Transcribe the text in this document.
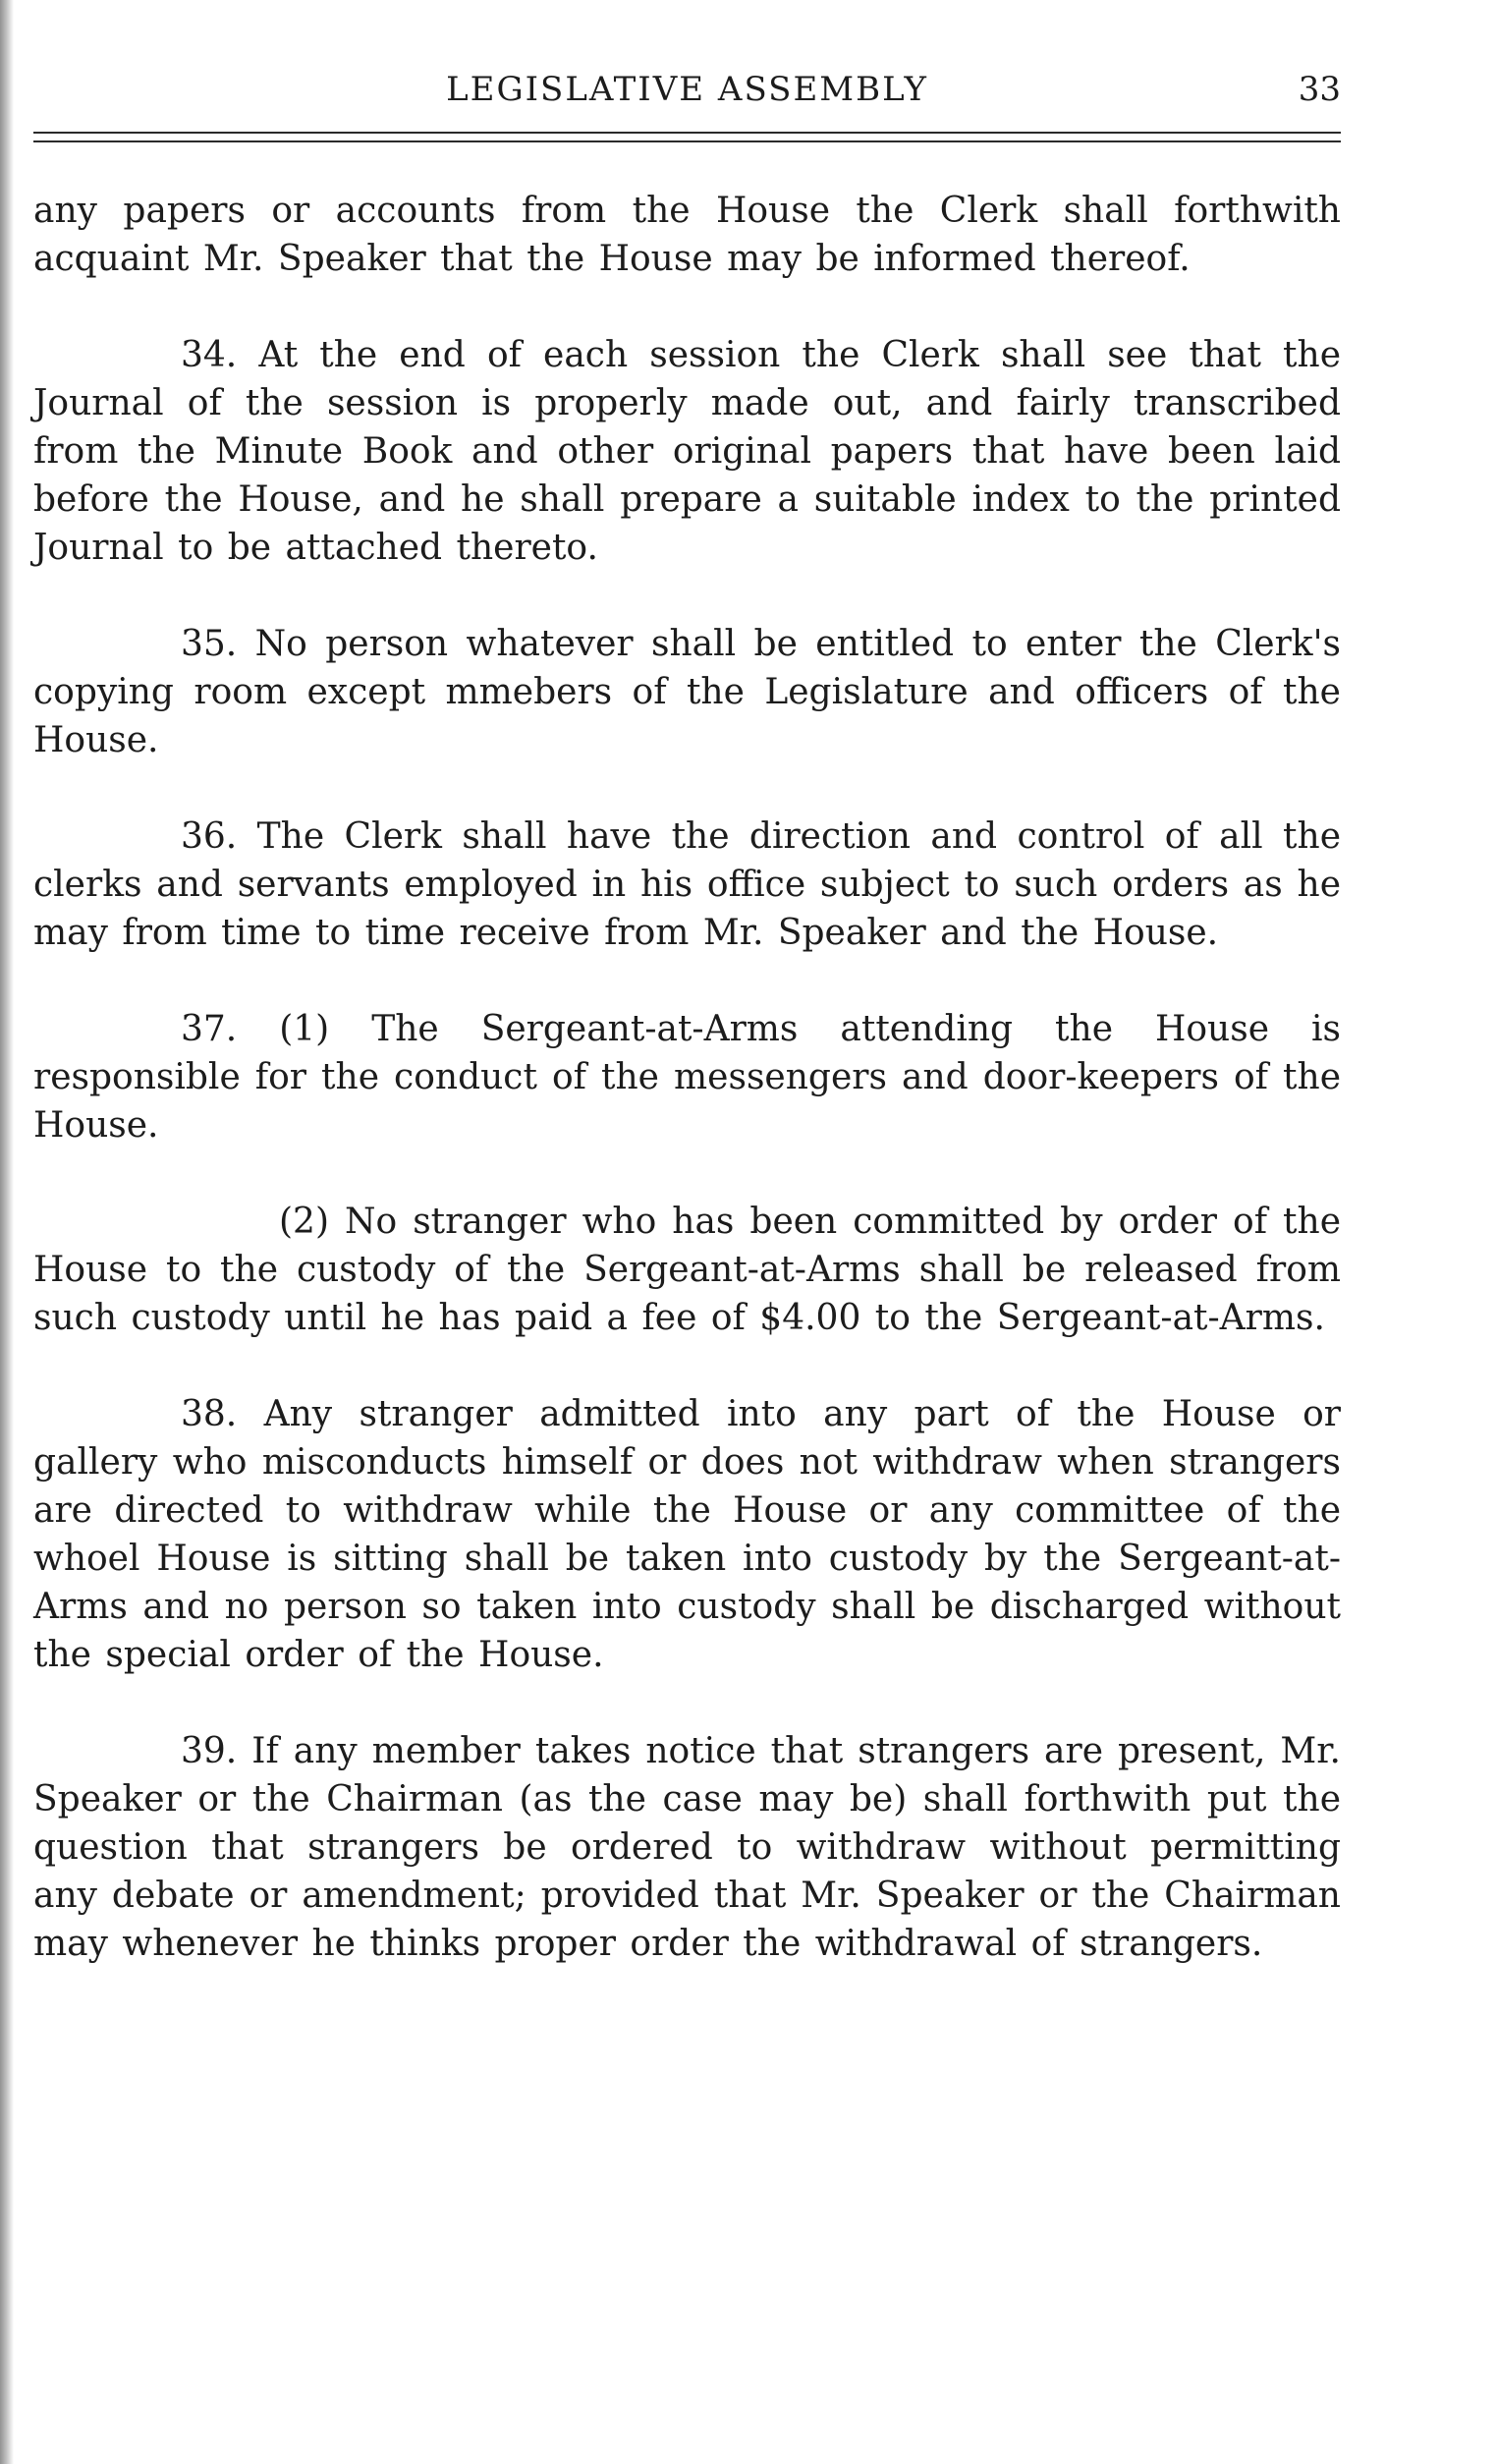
LEGISLATIVE ASSEMBLY	33

any papers or accounts from the House the Clerk shall forthwith acquaint Mr. Speaker that the House may be informed thereof.

34. At the end of each session the Clerk shall see that the Journal of the session is properly made out, and fairly transcribed from the Minute Book and other original papers that have been laid before the House, and he shall prepare a suitable index to the printed Journal to be attached thereto.

35. No person whatever shall be entitled to enter the Clerk's copying room except mmebers of the Legislature and officers of the House.

36. The Clerk shall have the direction and control of all the clerks and servants employed in his office subject to such orders as he may from time to time receive from Mr. Speaker and the House.

37. (1) The Sergeant-at-Arms attending the House is responsible for the conduct of the messengers and door-keepers of the House.

(2) No stranger who has been committed by order of the House to the custody of the Sergeant-at-Arms shall be released from such custody until he has paid a fee of $4.00 to the Sergeant-at-Arms.

38. Any stranger admitted into any part of the House or gallery who misconducts himself or does not withdraw when strangers are directed to withdraw while the House or any committee of the whoel House is sitting shall be taken into custody by the Sergeant-at-Arms and no person so taken into custody shall be discharged without the special order of the House.

39. If any member takes notice that strangers are present, Mr. Speaker or the Chairman (as the case may be) shall forthwith put the question that strangers be ordered to withdraw without permitting any debate or amendment; provided that Mr. Speaker or the Chairman may whenever he thinks proper order the withdrawal of strangers.
